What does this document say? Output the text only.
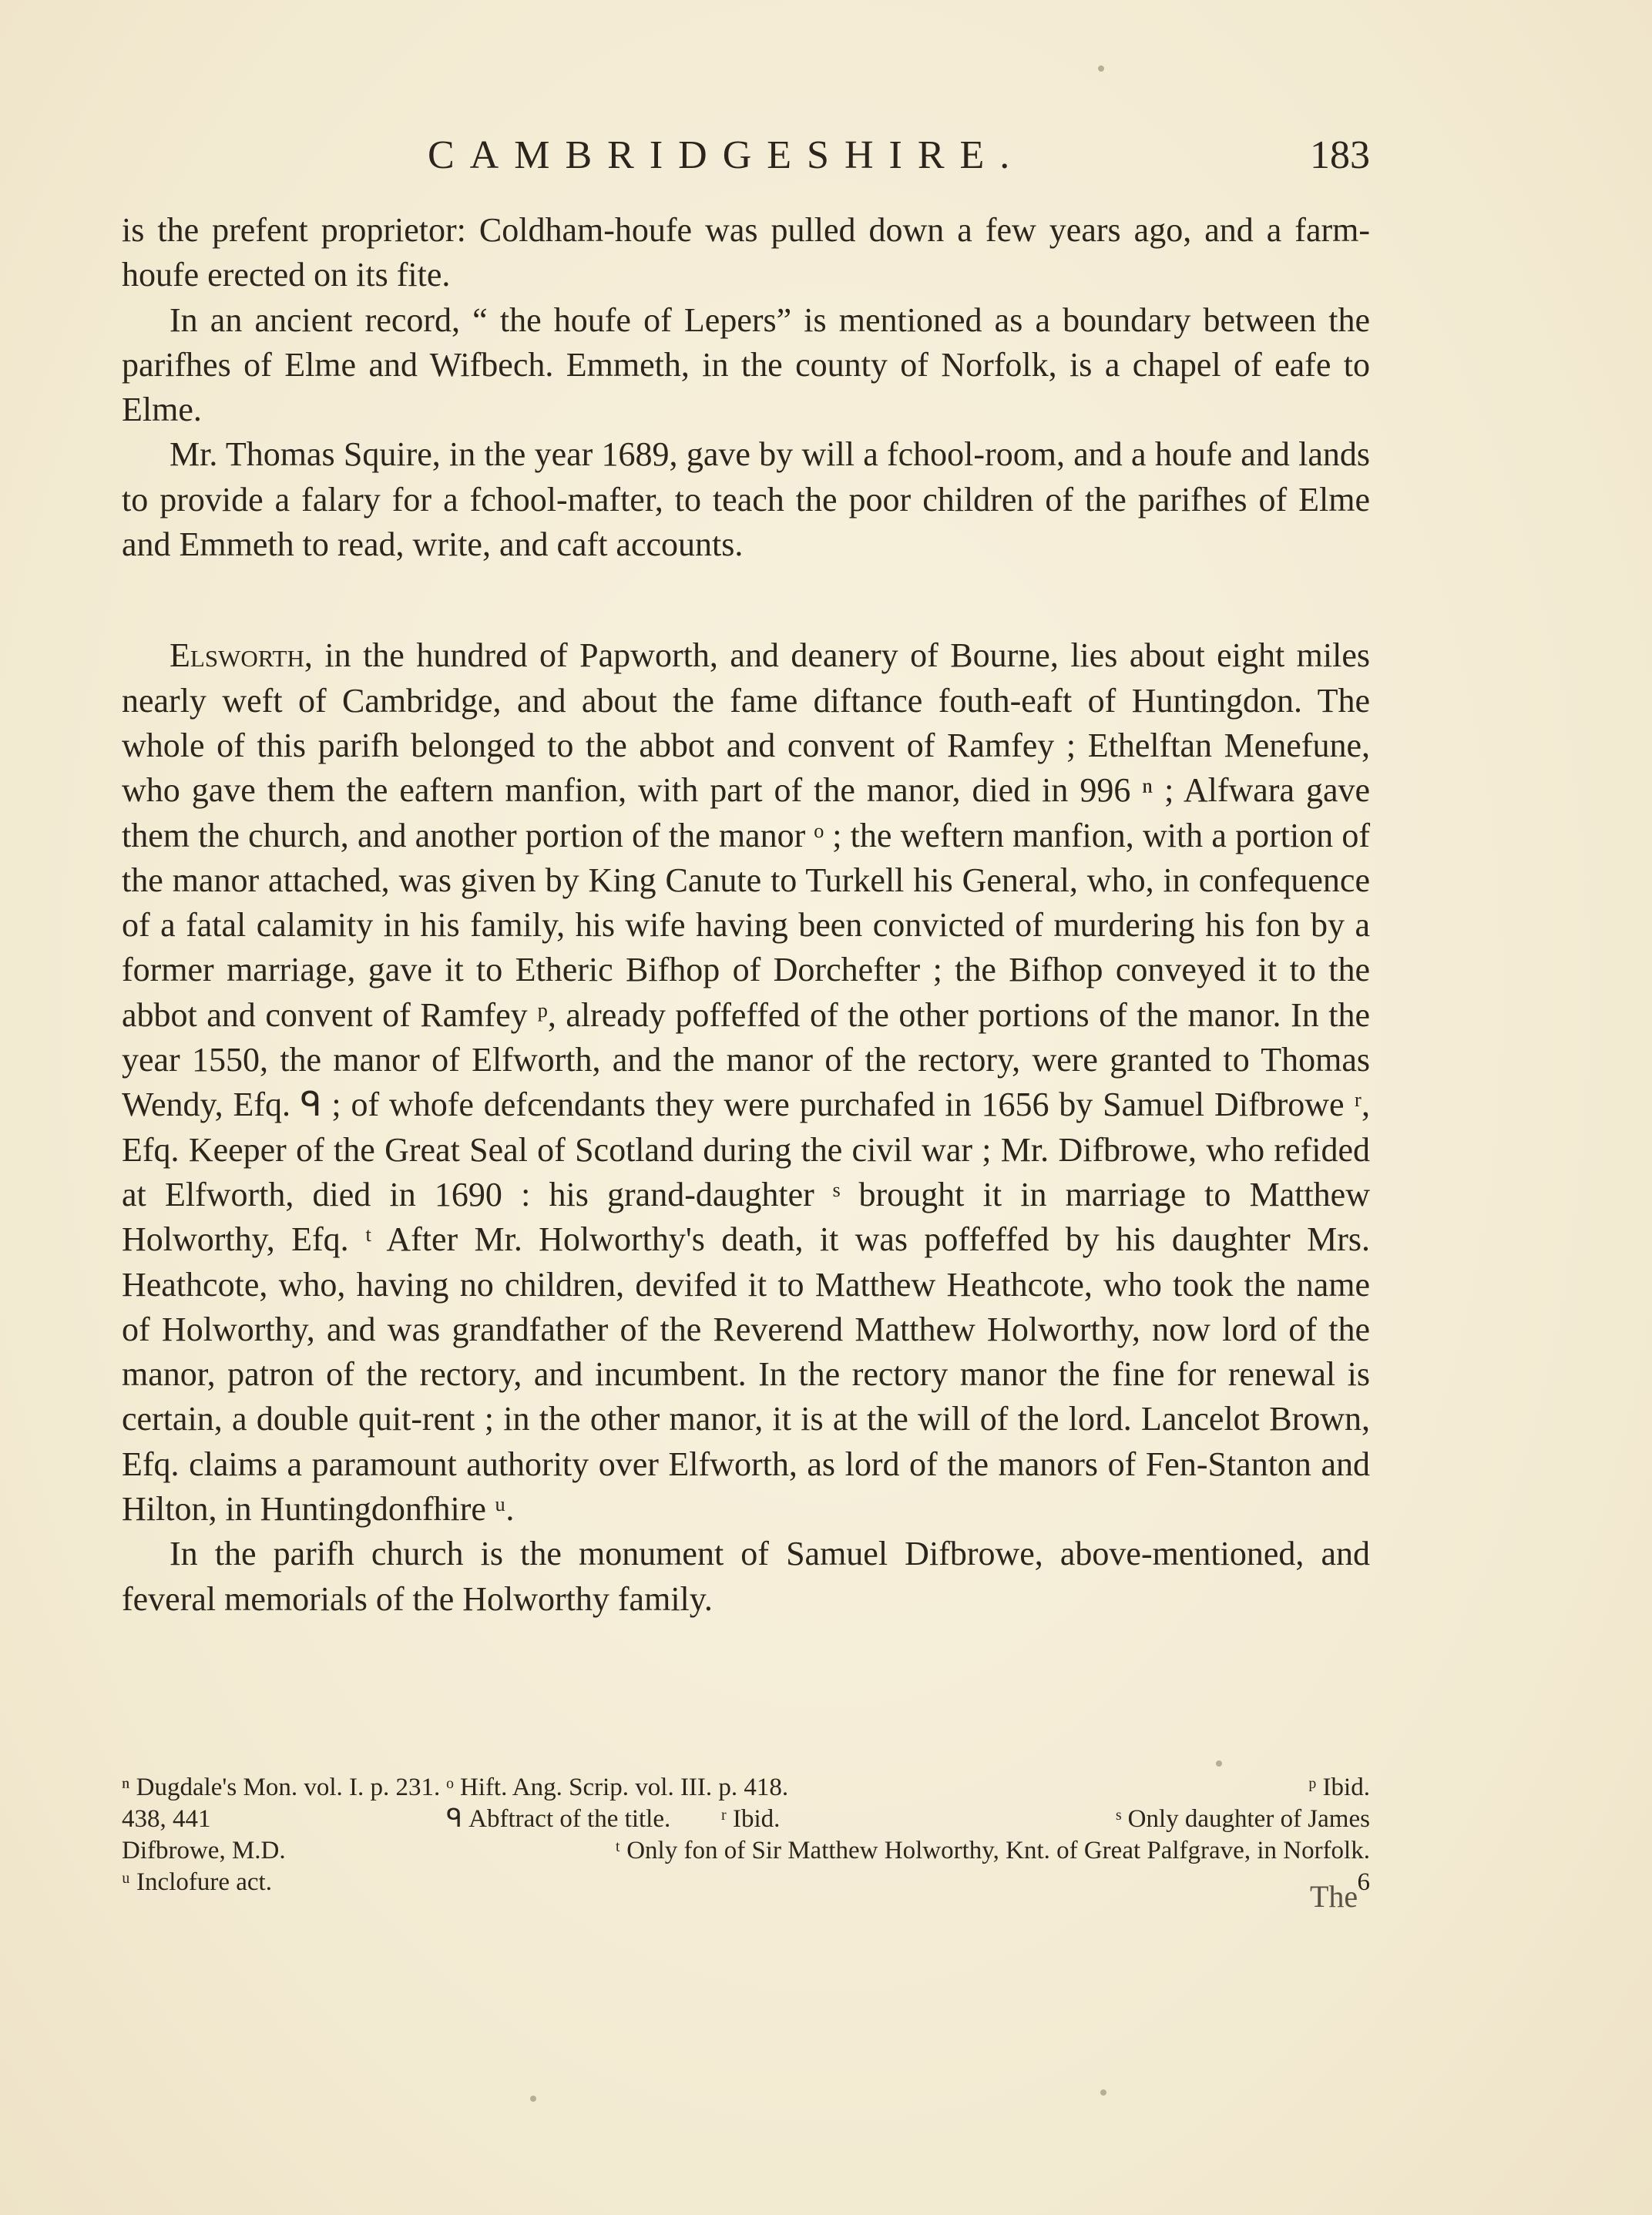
CAMBRIDGESHIRE.	183

is the prefent proprietor: Coldham-houfe was pulled down a few years ago, and a farm-houfe erected on its fite.

In an ancient record, “ the houfe of Lepers” is mentioned as a boundary between the parifhes of Elme and Wifbech. Emmeth, in the county of Norfolk, is a chapel of eafe to Elme.

Mr. Thomas Squire, in the year 1689, gave by will a fchool-room, and a houfe and lands to provide a falary for a fchool-mafter, to teach the poor children of the parifhes of Elme and Emmeth to read, write, and caft accounts.

Elsworth, in the hundred of Papworth, and deanery of Bourne, lies about eight miles nearly weft of Cambridge, and about the fame diftance fouth-eaft of Huntingdon. The whole of this parifh belonged to the abbot and convent of Ramfey ; Ethelftan Menefune, who gave them the eaftern manfion, with part of the manor, died in 996 ⁿ ; Alfwara gave them the church, and another portion of the manor ᵒ ; the weftern manfion, with a portion of the manor attached, was given by King Canute to Turkell his General, who, in confequence of a fatal calamity in his family, his wife having been convicted of murdering his fon by a former marriage, gave it to Etheric Bifhop of Dorchefter ; the Bifhop conveyed it to the abbot and convent of Ramfey ᵖ, already poffeffed of the other portions of the manor. In the year 1550, the manor of Elfworth, and the manor of the rectory, were granted to Thomas Wendy, Efq. ᑫ ; of whofe defcendants they were purchafed in 1656 by Samuel Difbrowe ʳ, Efq. Keeper of the Great Seal of Scotland during the civil war ; Mr. Difbrowe, who refided at Elfworth, died in 1690 : his grand-daughter ˢ brought it in marriage to Matthew Holworthy, Efq. ᵗ After Mr. Holworthy's death, it was poffeffed by his daughter Mrs. Heathcote, who, having no children, devifed it to Matthew Heathcote, who took the name of Holworthy, and was grandfather of the Reverend Matthew Holworthy, now lord of the manor, patron of the rectory, and incumbent. In the rectory manor the fine for renewal is certain, a double quit-rent ; in the other manor, it is at the will of the lord. Lancelot Brown, Efq. claims a paramount authority over Elfworth, as lord of the manors of Fen-Stanton and Hilton, in Huntingdonfhire ᵘ.

In the parifh church is the monument of Samuel Difbrowe, above-mentioned, and feveral memorials of the Holworthy family.

ⁿ Dugdale's Mon. vol. I. p. 231. ᵒ Hift. Ang. Scrip. vol. III. p. 418.	ᵖ Ibid.
438, 441	ᑫ Abftract of the title.	ʳ Ibid.	ˢ Only daughter of James
Difbrowe, M.D.	ᵗ Only fon of Sir Matthew Holworthy, Knt. of Great Palfgrave, in Norfolk.
ᵘ Inclofure act.	6
The
